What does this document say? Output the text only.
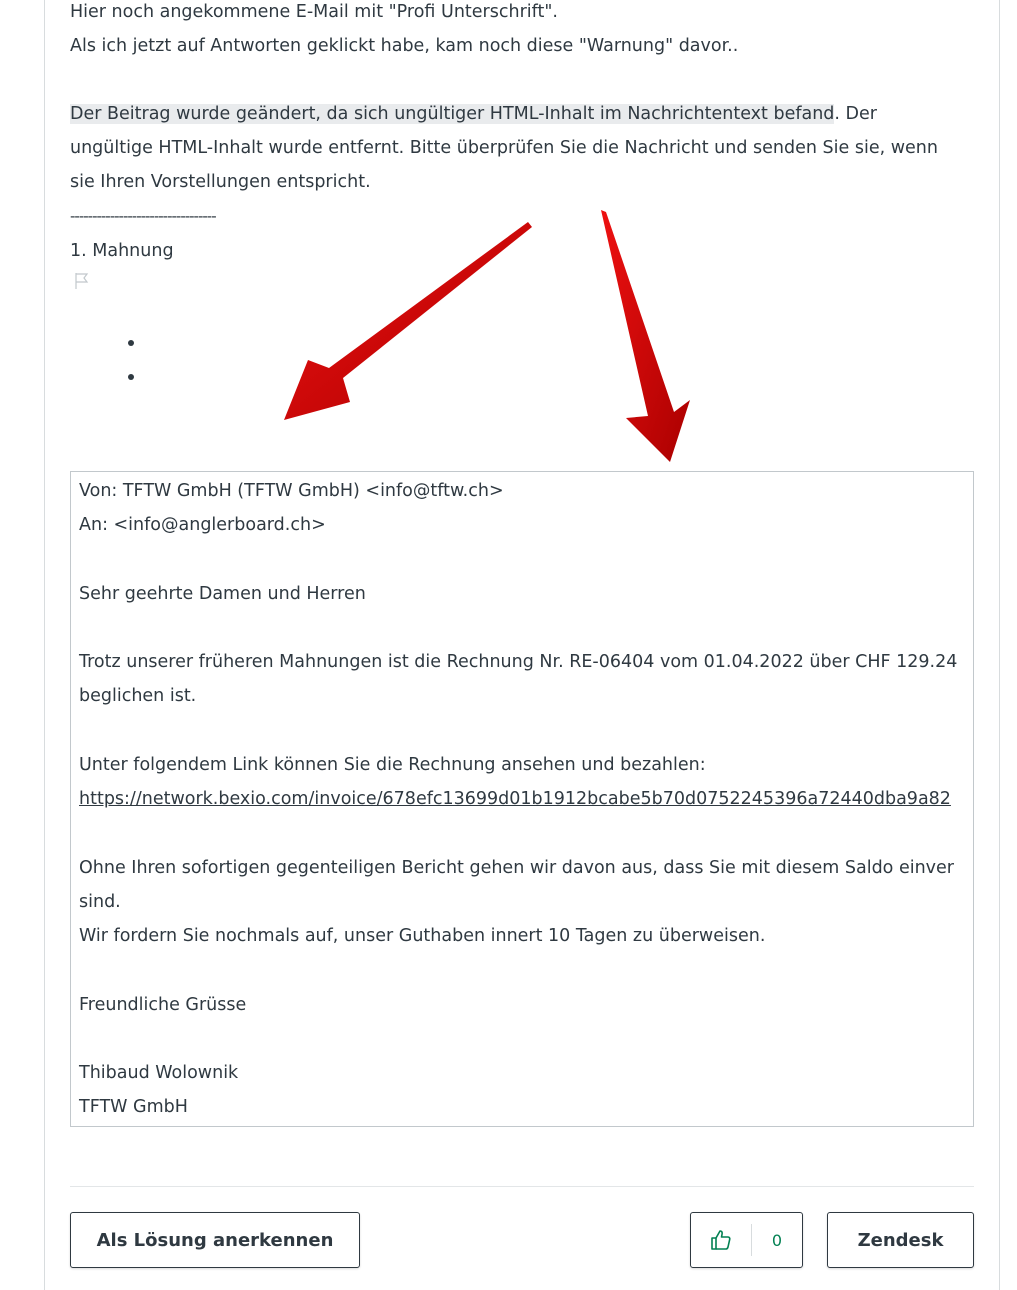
Hier noch angekommene E-Mail mit "Profi Unterschrift".
Als ich jetzt auf Antworten geklickt habe, kam noch diese "Warnung" davor..
Der Beitrag wurde geändert, da sich ungültiger HTML-Inhalt im Nachrichtentext befand. Der
ungültige HTML-Inhalt wurde entfernt. Bitte überprüfen Sie die Nachricht und senden Sie sie, wenn
sie Ihren Vorstellungen entspricht.
---------------------------------
1. Mahnung
Von: TFTW GmbH (TFTW GmbH) <info@tftw.ch>
An: <info@anglerboard.ch>
Sehr geehrte Damen und Herren
Trotz unserer früheren Mahnungen ist die Rechnung Nr. RE-06404 vom 01.04.2022 über CHF 129.24
beglichen ist.
Unter folgendem Link können Sie die Rechnung ansehen und bezahlen:
https://network.bexio.com/invoice/678efc13699d01b1912bcabe5b70d0752245396a72440dba9a82
Ohne Ihren sofortigen gegenteiligen Bericht gehen wir davon aus, dass Sie mit diesem Saldo einver
sind.
Wir fordern Sie nochmals auf, unser Guthaben innert 10 Tagen zu überweisen.
Freundliche Grüsse
Thibaud Wolownik
TFTW GmbH
Als Lösung anerkennen	0	Zendesk
